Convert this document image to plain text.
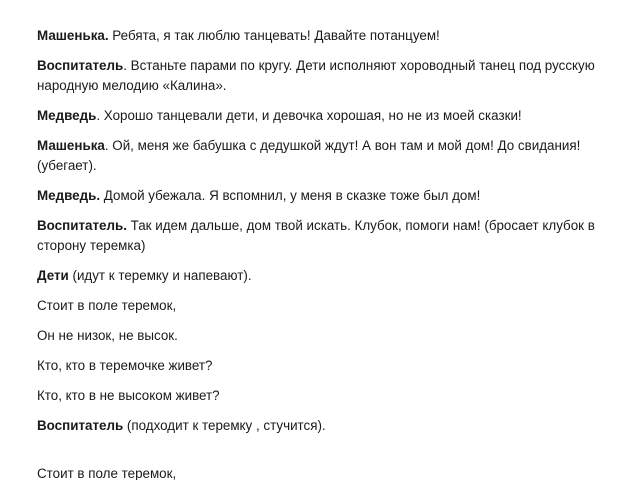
Машенька. Ребята, я так люблю танцевать! Давайте потанцуем!

Воспитатель. Встаньте парами по кругу. Дети исполняют хороводный танец под русскую народную мелодию «Калина».

Медведь. Хорошо танцевали дети, и девочка хорошая, но не из моей сказки!

Машенька. Ой, меня же бабушка с дедушкой ждут! А вон там и мой дом! До свидания! (убегает).

Медведь. Домой убежала. Я вспомнил, у меня в сказке тоже был дом!

Воспитатель. Так идем дальше, дом твой искать. Клубок, помоги нам! (бросает клубок в сторону теремка)

Дети (идут к теремку и напевают).

Стоит в поле теремок,

Он не низок, не высок.

Кто, кто в теремочке живет?

Кто, кто в не высоком живет?

Воспитатель (подходит к теремку , стучится).

Стоит в поле теремок,
